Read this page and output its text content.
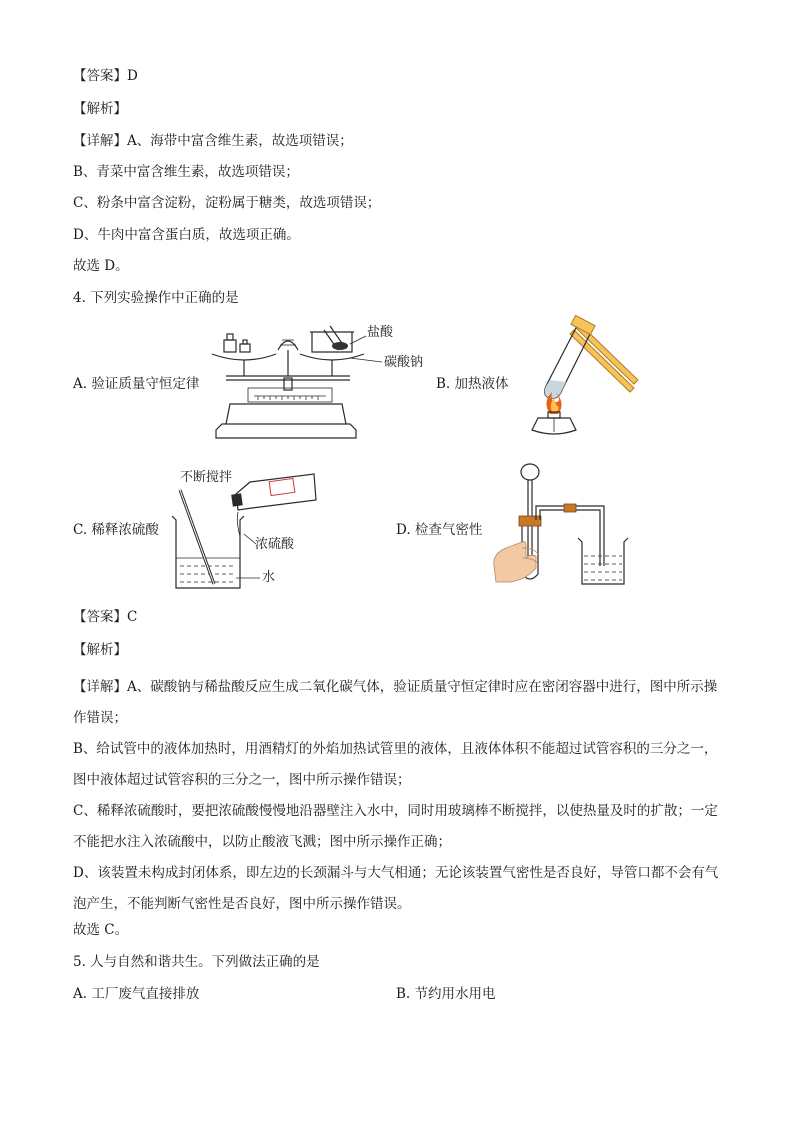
【答案】D
【解析】
【详解】A、海带中富含维生素，故选项错误；
B、青菜中富含维生素，故选项错误；
C、粉条中富含淀粉，淀粉属于糖类，故选项错误；
D、牛肉中富含蛋白质，故选项正确。
故选 D。
4. 下列实验操作中正确的是
A. 验证质量守恒定律
盐酸
碳酸钠
B. 加热液体
C. 稀释浓硫酸
不断搅拌
浓硫酸
水
D. 检查气密性
【答案】C
【解析】
【详解】A、碳酸钠与稀盐酸反应生成二氧化碳气体，验证质量守恒定律时应在密闭容器中进行，图中所示操作错误；
B、给试管中的液体加热时，用酒精灯的外焰加热试管里的液体，且液体体积不能超过试管容积的三分之一，图中液体超过试管容积的三分之一，图中所示操作错误；
C、稀释浓硫酸时，要把浓硫酸慢慢地沿器壁注入水中，同时用玻璃棒不断搅拌，以使热量及时的扩散；一定不能把水注入浓硫酸中，以防止酸液飞溅；图中所示操作正确；
D、该装置未构成封闭体系，即左边的长颈漏斗与大气相通；无论该装置气密性是否良好，导管口都不会有气泡产生，不能判断气密性是否良好，图中所示操作错误。
故选 C。
5. 人与自然和谐共生。下列做法正确的是
A. 工厂废气直接排放	B. 节约用水用电
